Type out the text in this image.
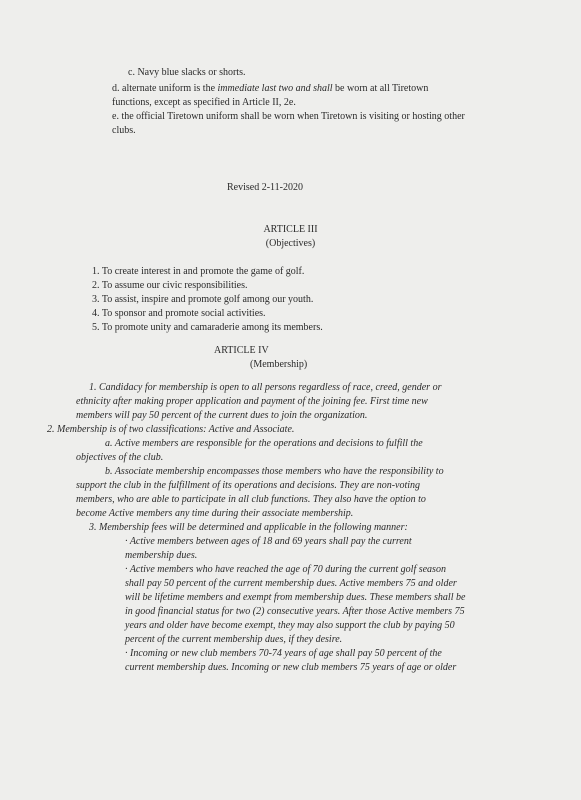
c. Navy blue slacks or shorts.
d. alternate uniform is the immediate last two and shall be worn at all Tiretown
functions, except as specified in Article II, 2e.
e. the official Tiretown uniform shall be worn when Tiretown is visiting or hosting other
clubs.
Revised 2-11-2020
ARTICLE III
(Objectives)
1. To create interest in and promote the game of golf.
2. To assume our civic responsibilities.
3. To assist, inspire and promote golf among our youth.
4. To sponsor and promote social activities.
5. To promote unity and camaraderie among its members.
ARTICLE IV
(Membership)
1. Candidacy for membership is open to all persons regardless of race, creed, gender or
ethnicity after making proper application and payment of the joining fee. First time new
members will pay 50 percent of the current dues to join the organization.
2. Membership is of two classifications: Active and Associate.
a. Active members are responsible for the operations and decisions to fulfill the
objectives of the club.
b. Associate membership encompasses those members who have the responsibility to
support the club in the fulfillment of its operations and decisions. They are non-voting
members, who are able to participate in all club functions. They also have the option to
become Active members any time during their associate membership.
3. Membership fees will be determined and applicable in the following manner:
· Active members between ages of 18 and 69 years shall pay the current
membership dues.
· Active members who have reached the age of 70 during the current golf season
shall pay 50 percent of the current membership dues. Active members 75 and older
will be lifetime members and exempt from membership dues. These members shall be
in good financial status for two (2) consecutive years. After those Active members 75
years and older have become exempt, they may also support the club by paying 50
percent of the current membership dues, if they desire.
· Incoming or new club members 70-74 years of age shall pay 50 percent of the
current membership dues. Incoming or new club members 75 years of age or older
